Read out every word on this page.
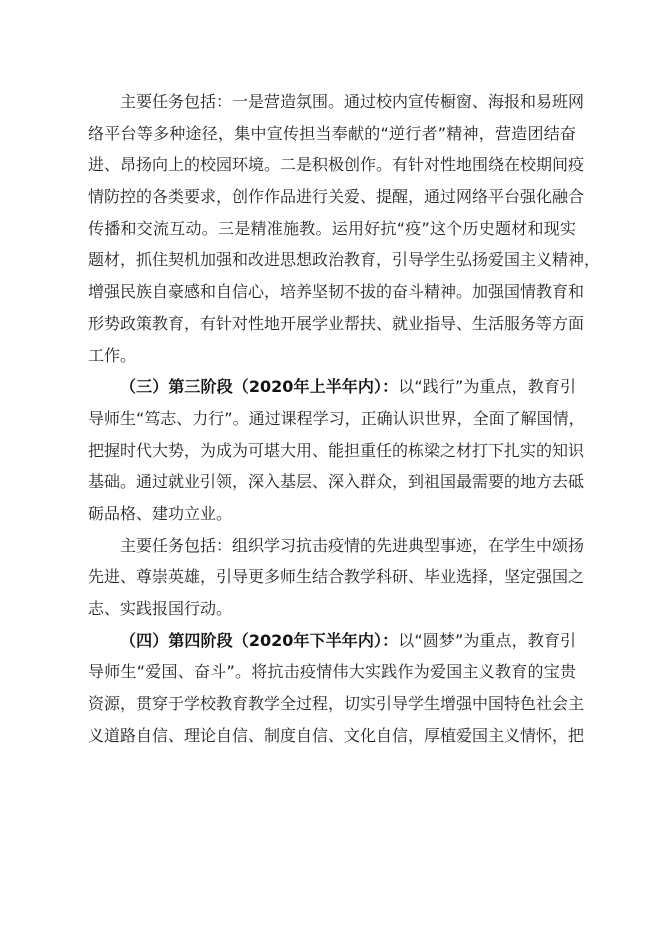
主要任务包括：一是营造氛围。通过校内宣传橱窗、海报和易班网
络平台等多种途径，集中宣传担当奉献的“逆行者”精神，营造团结奋
进、昂扬向上的校园环境。二是积极创作。有针对性地围绕在校期间疫
情防控的各类要求，创作作品进行关爱、提醒，通过网络平台强化融合
传播和交流互动。三是精准施教。运用好抗“疫”这个历史题材和现实
题材，抓住契机加强和改进思想政治教育，引导学生弘扬爱国主义精神，
增强民族自豪感和自信心，培养坚韧不拔的奋斗精神。加强国情教育和
形势政策教育，有针对性地开展学业帮扶、就业指导、生活服务等方面
工作。
（三）第三阶段（2020年上半年内）：以“践行”为重点，教育引
导师生“笃志、力行”。通过课程学习，正确认识世界，全面了解国情，
把握时代大势，为成为可堪大用、能担重任的栋梁之材打下扎实的知识
基础。通过就业引领，深入基层、深入群众，到祖国最需要的地方去砥
砺品格、建功立业。
主要任务包括：组织学习抗击疫情的先进典型事迹，在学生中颂扬
先进、尊崇英雄，引导更多师生结合教学科研、毕业选择，坚定强国之
志、实践报国行动。
（四）第四阶段（2020年下半年内）：以“圆梦”为重点，教育引
导师生“爱国、奋斗”。将抗击疫情伟大实践作为爱国主义教育的宝贵
资源，贯穿于学校教育教学全过程，切实引导学生增强中国特色社会主
义道路自信、理论自信、制度自信、文化自信，厚植爱国主义情怀，把
